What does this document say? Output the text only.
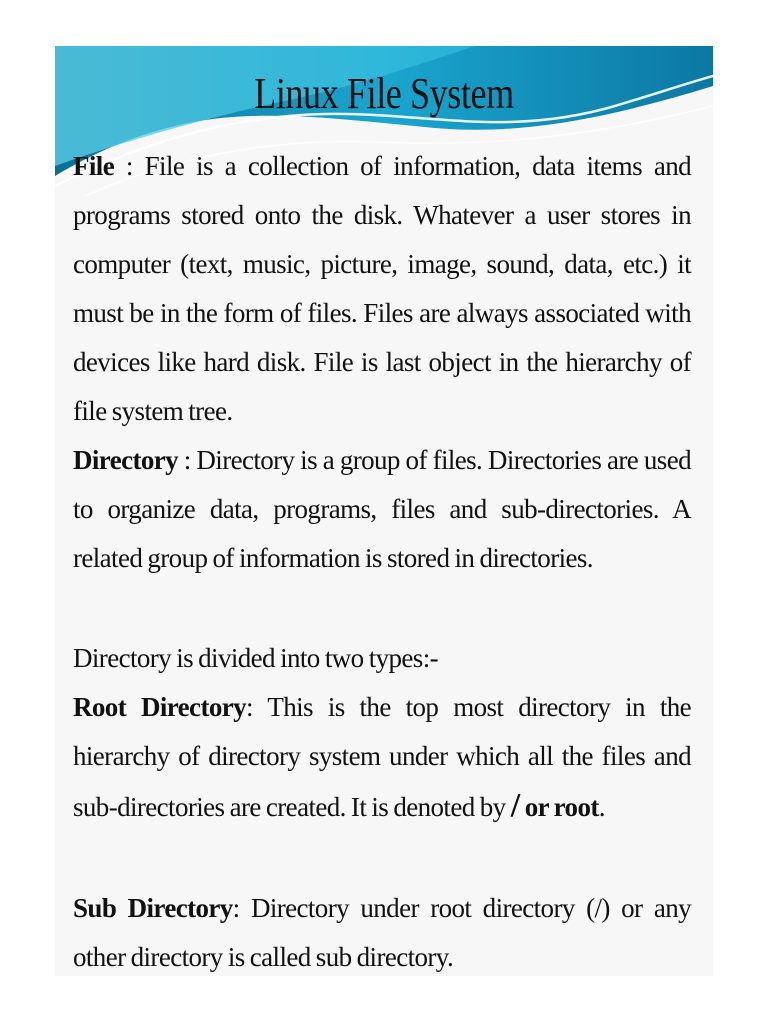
Linux File System
File : File is a collection of information, data items and programs stored onto the disk. Whatever a user stores in computer (text, music, picture, image, sound, data, etc.) it must be in the form of files. Files are always associated with devices like hard disk. File is last object in the hierarchy of file system tree.
Directory : Directory is a group of files. Directories are used to organize data, programs, files and sub-directories. A related group of information is stored in directories.
Directory is divided into two types:-
Root Directory: This is the top most directory in the hierarchy of directory system under which all the files and sub-directories are created. It is denoted by / or root.
Sub Directory: Directory under root directory (/) or any other directory is called sub directory.
